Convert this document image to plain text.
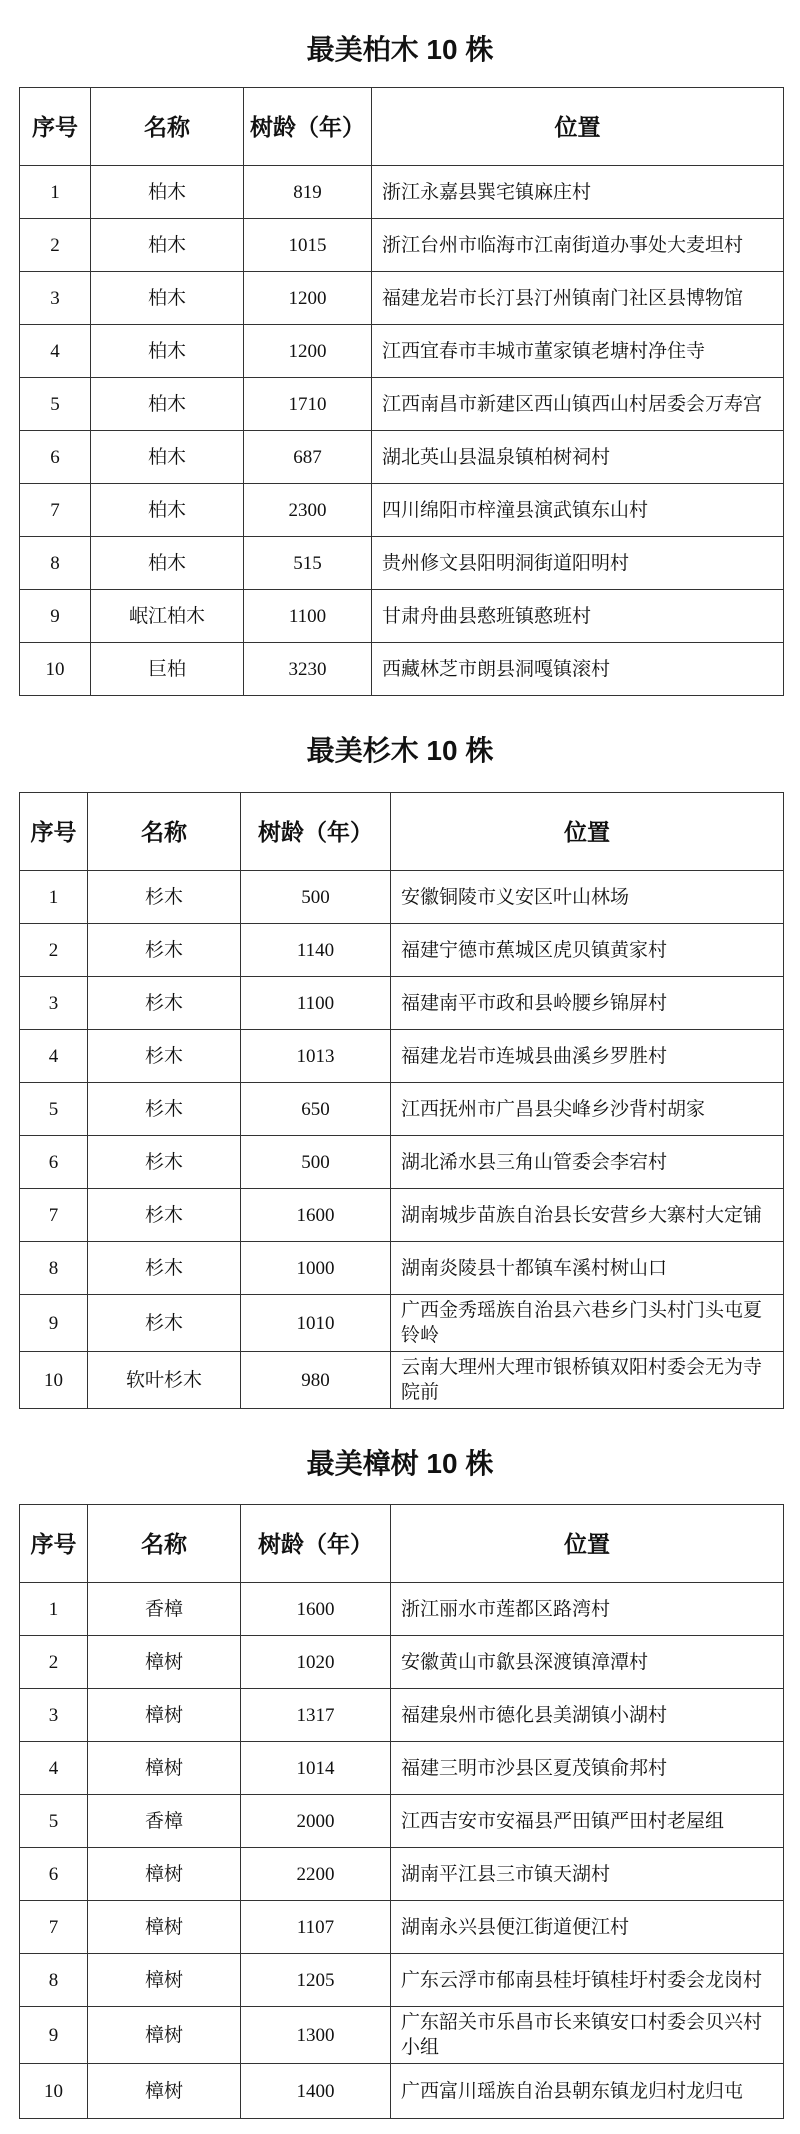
最美柏木 10 株
序号	名称	树龄（年）	位置
1	柏木	819	浙江永嘉县巽宅镇麻庄村
2	柏木	1015	浙江台州市临海市江南街道办事处大麦坦村
3	柏木	1200	福建龙岩市长汀县汀州镇南门社区县博物馆
4	柏木	1200	江西宜春市丰城市董家镇老塘村净住寺
5	柏木	1710	江西南昌市新建区西山镇西山村居委会万寿宫
6	柏木	687	湖北英山县温泉镇柏树祠村
7	柏木	2300	四川绵阳市梓潼县演武镇东山村
8	柏木	515	贵州修文县阳明洞街道阳明村
9	岷江柏木	1100	甘肃舟曲县憨班镇憨班村
10	巨柏	3230	西藏林芝市朗县洞嘎镇滚村
最美杉木 10 株
序号	名称	树龄（年）	位置
1	杉木	500	安徽铜陵市义安区叶山林场
2	杉木	1140	福建宁德市蕉城区虎贝镇黄家村
3	杉木	1100	福建南平市政和县岭腰乡锦屏村
4	杉木	1013	福建龙岩市连城县曲溪乡罗胜村
5	杉木	650	江西抚州市广昌县尖峰乡沙背村胡家
6	杉木	500	湖北浠水县三角山管委会李宕村
7	杉木	1600	湖南城步苗族自治县长安营乡大寨村大定铺
8	杉木	1000	湖南炎陵县十都镇车溪村树山口
9	杉木	1010	广西金秀瑶族自治县六巷乡门头村门头屯夏铃岭
10	软叶杉木	980	云南大理州大理市银桥镇双阳村委会无为寺院前
最美樟树 10 株
序号	名称	树龄（年）	位置
1	香樟	1600	浙江丽水市莲都区路湾村
2	樟树	1020	安徽黄山市歙县深渡镇漳潭村
3	樟树	1317	福建泉州市德化县美湖镇小湖村
4	樟树	1014	福建三明市沙县区夏茂镇俞邦村
5	香樟	2000	江西吉安市安福县严田镇严田村老屋组
6	樟树	2200	湖南平江县三市镇天湖村
7	樟树	1107	湖南永兴县便江街道便江村
8	樟树	1205	广东云浮市郁南县桂圩镇桂圩村委会龙岗村
9	樟树	1300	广东韶关市乐昌市长来镇安口村委会贝兴村小组
10	樟树	1400	广西富川瑶族自治县朝东镇龙归村龙归屯
